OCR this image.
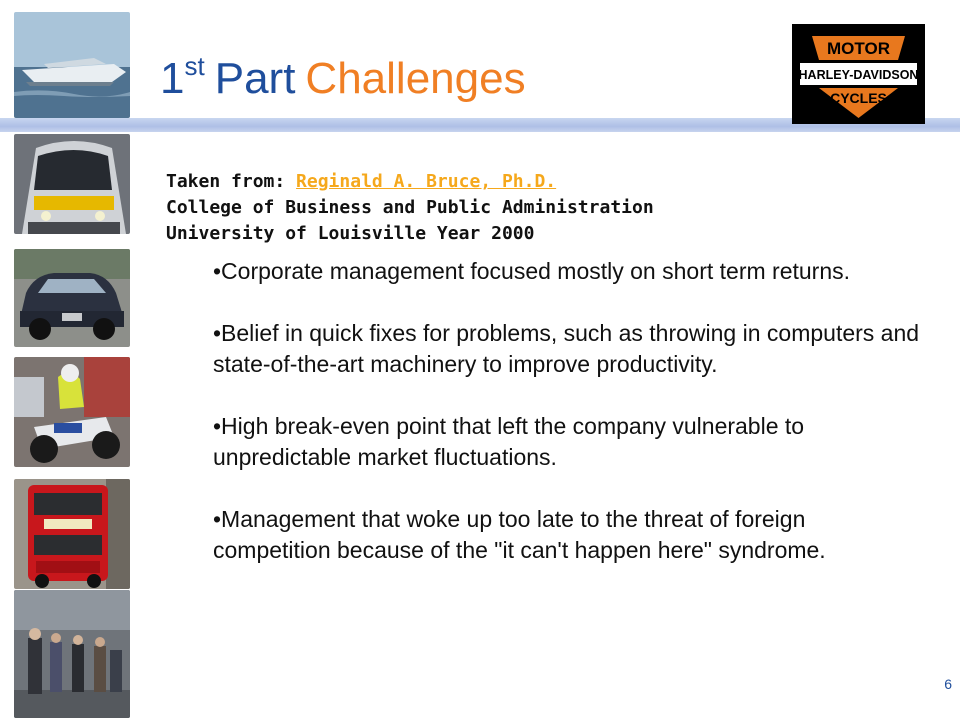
1st Part Challenges
MOTOR
HARLEY-DAVIDSON
CYCLES
Taken from: Reginald A. Bruce, Ph.D.
College of Business and Public Administration
University of Louisville Year 2000
•Corporate management focused mostly on short term returns.
•Belief in quick fixes for problems, such as throwing in computers and state-of-the-art machinery to improve productivity.
•High break-even point that left the company vulnerable to unpredictable market fluctuations.
•Management that woke up too late to the threat of foreign competition because of the "it can't happen here" syndrome.
6
